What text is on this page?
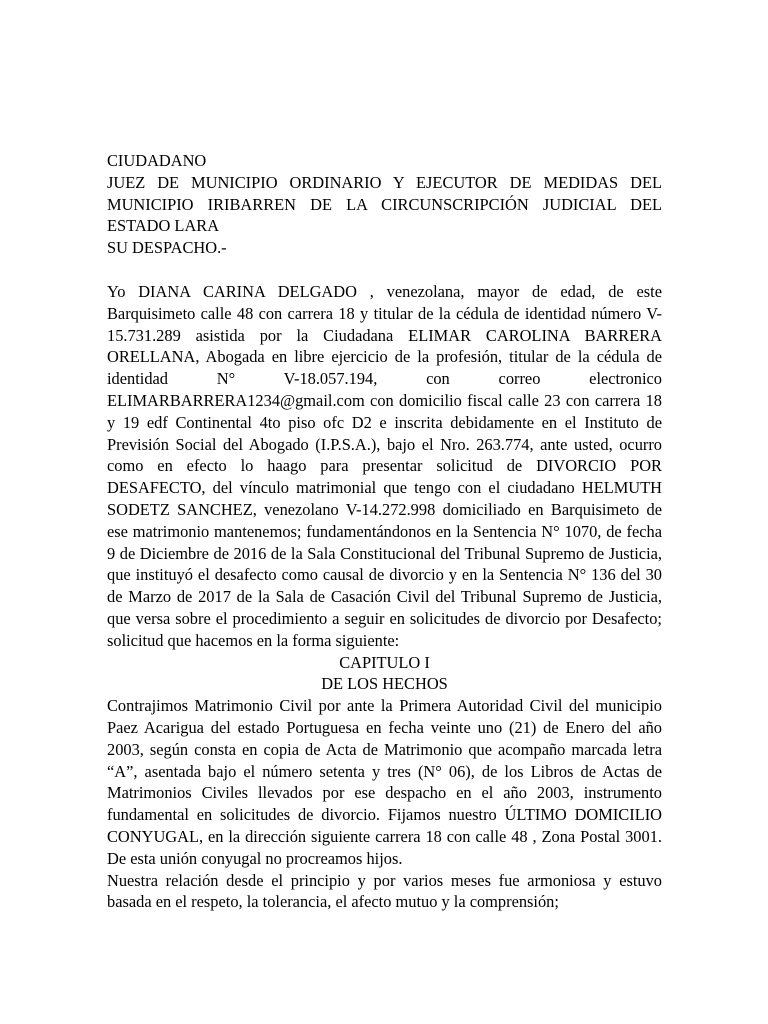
CIUDADANO

JUEZ DE MUNICIPIO ORDINARIO Y EJECUTOR DE MEDIDAS DEL MUNICIPIO IRIBARREN DE LA CIRCUNSCRIPCIÓN JUDICIAL DEL ESTADO LARA

SU DESPACHO.-

Yo DIANA CARINA DELGADO , venezolana, mayor de edad, de este Barquisimeto calle 48 con carrera 18 y titular de la cédula de identidad número V- 15.731.289 asistida por la Ciudadana ELIMAR CAROLINA BARRERA ORELLANA, Abogada en libre ejercicio de la profesión, titular de la cédula de identidad N° V-18.057.194, con correo electronico ELIMARBARRERA1234@gmail.com con domicilio fiscal calle 23 con carrera 18 y 19 edf Continental 4to piso ofc D2 e inscrita debidamente en el Instituto de Previsión Social del Abogado (I.P.S.A.), bajo el Nro. 263.774, ante usted, ocurro como en efecto lo haago para presentar solicitud de DIVORCIO POR DESAFECTO, del vínculo matrimonial que tengo con el ciudadano HELMUTH SODETZ SANCHEZ, venezolano V-14.272.998 domiciliado en Barquisimeto de ese matrimonio mantenemos; fundamentándonos en la Sentencia N° 1070, de fecha 9 de Diciembre de 2016 de la Sala Constitucional del Tribunal Supremo de Justicia, que instituyó el desafecto como causal de divorcio y en la Sentencia N° 136 del 30 de Marzo de 2017 de la Sala de Casación Civil del Tribunal Supremo de Justicia, que versa sobre el procedimiento a seguir en solicitudes de divorcio por Desafecto; solicitud que hacemos en la forma siguiente:

CAPITULO I

DE LOS HECHOS

Contrajimos Matrimonio Civil por ante la Primera Autoridad Civil del municipio Paez Acarigua del estado Portuguesa en fecha veinte uno (21) de Enero del año 2003, según consta en copia de Acta de Matrimonio que acompaño marcada letra “A”, asentada bajo el número setenta y tres (N° 06), de los Libros de Actas de Matrimonios Civiles llevados por ese despacho en el año 2003, instrumento fundamental en solicitudes de divorcio. Fijamos nuestro ÚLTIMO DOMICILIO CONYUGAL, en la dirección siguiente carrera 18 con calle 48 , Zona Postal 3001. De esta unión conyugal no procreamos hijos.

Nuestra relación desde el principio y por varios meses fue armoniosa y estuvo basada en el respeto, la tolerancia, el afecto mutuo y la comprensión;
